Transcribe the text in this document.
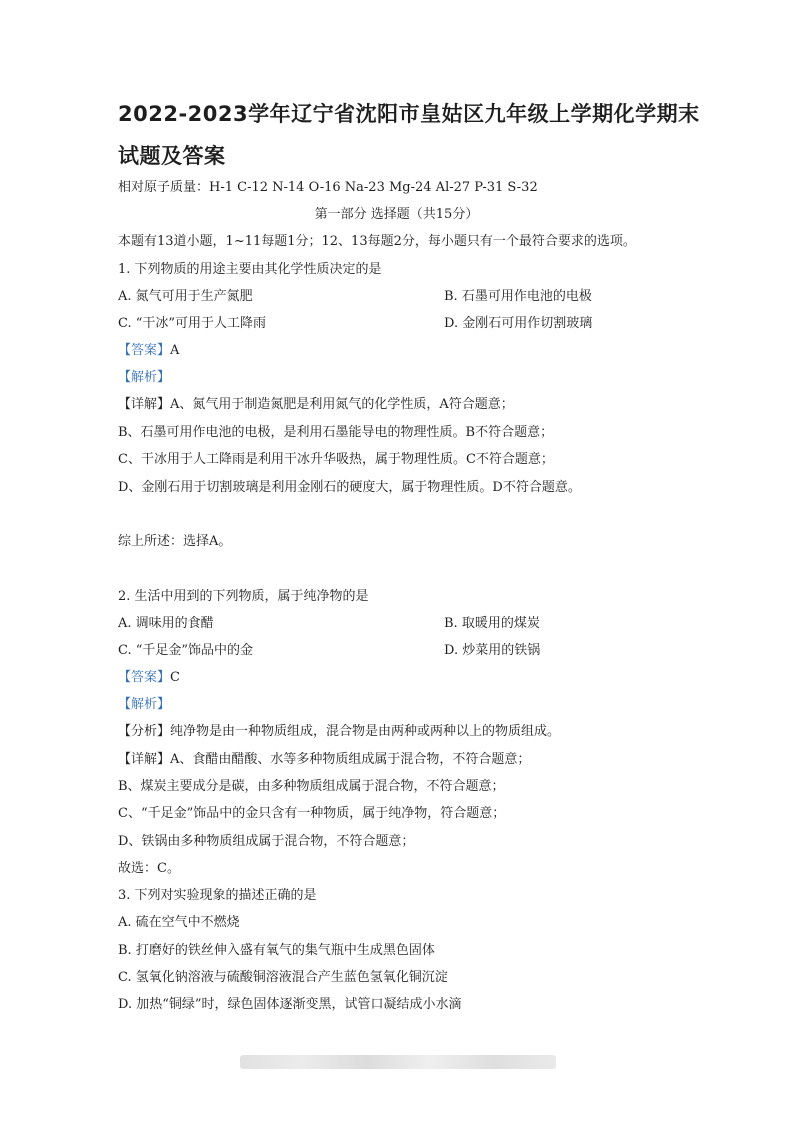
2022-2023学年辽宁省沈阳市皇姑区九年级上学期化学期末
试题及答案
相对原子质量：H-1 C-12 N-14 O-16 Na-23 Mg-24 Al-27 P-31 S-32
第一部分 选择题（共15分）
本题有13道小题，1~11每题1分；12、13每题2分，每小题只有一个最符合要求的选项。
1. 下列物质的用途主要由其化学性质决定的是
A. 氮气可用于生产氮肥	B. 石墨可用作电池的电极
C. “干冰”可用于人工降雨	D. 金刚石可用作切割玻璃
【答案】A
【解析】
【详解】A、氮气用于制造氮肥是利用氮气的化学性质，A符合题意；
B、石墨可用作电池的电极，是利用石墨能导电的物理性质。B不符合题意；
C、干冰用于人工降雨是利用干冰升华吸热，属于物理性质。C不符合题意；
D、金刚石用于切割玻璃是利用金刚石的硬度大，属于物理性质。D不符合题意。
综上所述：选择A。
2. 生活中用到的下列物质，属于纯净物的是
A. 调味用的食醋	B. 取暖用的煤炭
C. “千足金”饰品中的金	D. 炒菜用的铁锅
【答案】C
【解析】
【分析】纯净物是由一种物质组成，混合物是由两种或两种以上的物质组成。
【详解】A、食醋由醋酸、水等多种物质组成属于混合物，不符合题意；
B、煤炭主要成分是碳，由多种物质组成属于混合物，不符合题意；
C、“千足金”饰品中的金只含有一种物质，属于纯净物，符合题意；
D、铁锅由多种物质组成属于混合物，不符合题意；
故选：C。
3. 下列对实验现象的描述正确的是
A. 硫在空气中不燃烧
B. 打磨好的铁丝伸入盛有氧气的集气瓶中生成黑色固体
C. 氢氧化钠溶液与硫酸铜溶液混合产生蓝色氢氧化铜沉淀
D. 加热“铜绿”时，绿色固体逐渐变黑，试管口凝结成小水滴
